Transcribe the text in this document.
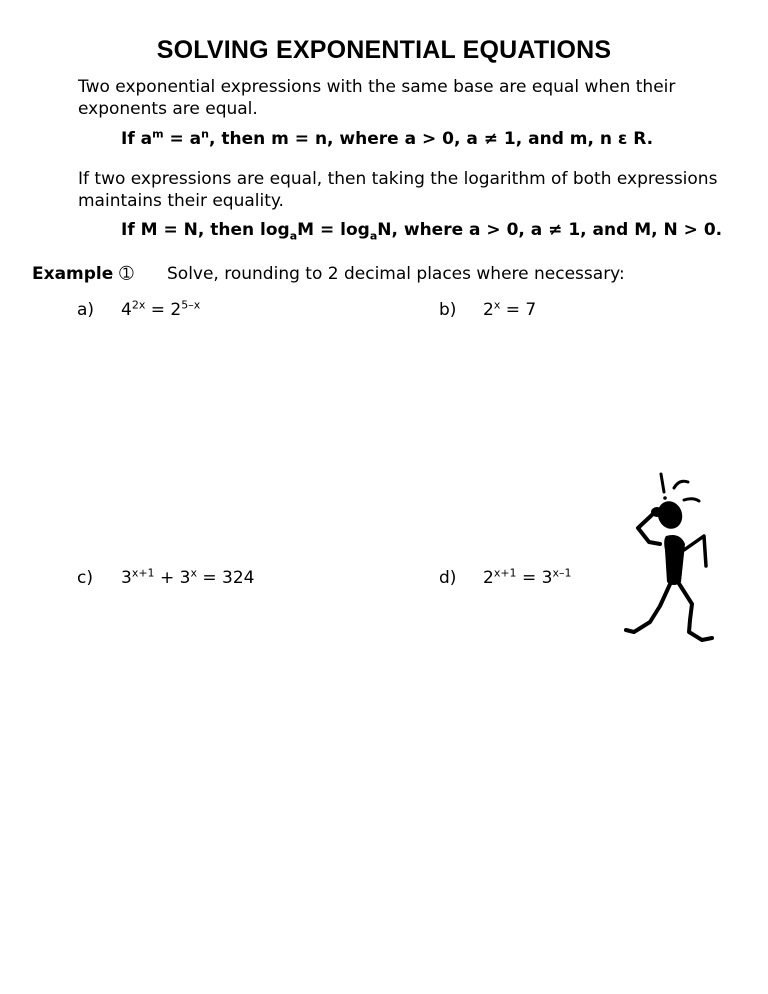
SOLVING EXPONENTIAL EQUATIONS
Two exponential expressions with the same base are equal when their exponents are equal.
If $a^m = a^n$, then m = n, where a > 0, a ≠ 1, and m, n ε R.
If two expressions are equal, then taking the logarithm of both expressions maintains their equality.
If M = N, then $\log_aM = \log_aN$, where a > 0, a ≠ 1, and M, N > 0.
Example ➀ Solve, rounding to 2 decimal places where necessary:
a) $4^{2x} = 2^{5-x}$	b) $2^x = 7$
c) $3^{x+1} + 3^x = 324$	d) $2^{x+1} = 3^{x-1}$
